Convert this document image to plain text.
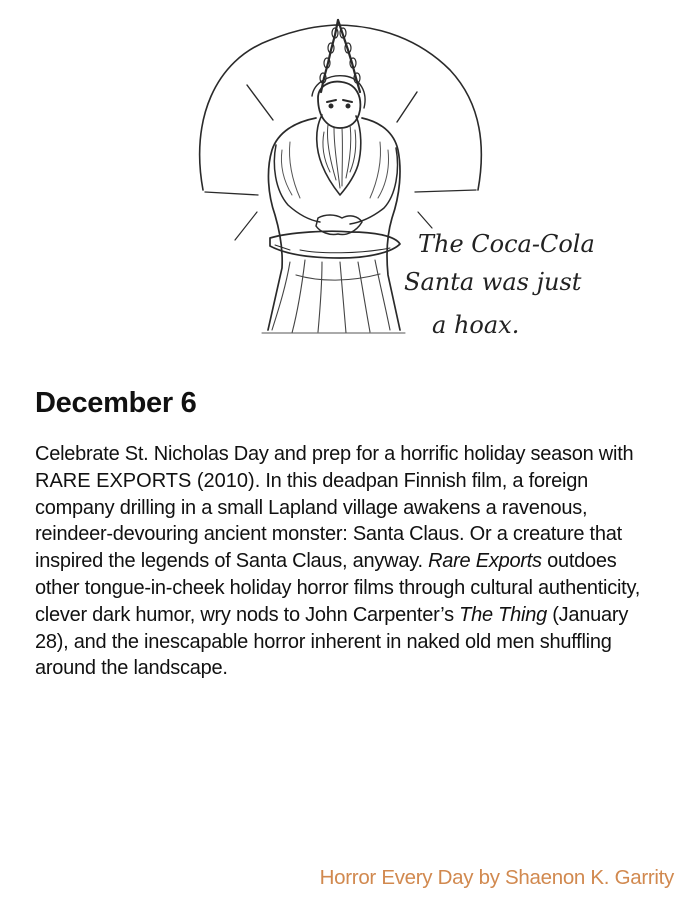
The Coca-Cola
Santa was just
a hoax.
December 6

Celebrate St. Nicholas Day and prep for a horrific holiday season with RARE EXPORTS (2010). In this deadpan Finnish film, a foreign company drilling in a small Lapland village awakens a ravenous, reindeer-devouring ancient monster: Santa Claus. Or a creature that inspired the legends of Santa Claus, anyway. Rare Exports outdoes other tongue-in-cheek holiday horror films through cultural authenticity, clever dark humor, wry nods to John Carpenter’s The Thing (January 28), and the inescapable horror inherent in naked old men shuffling around the landscape.

Horror Every Day by Shaenon K. Garrity
